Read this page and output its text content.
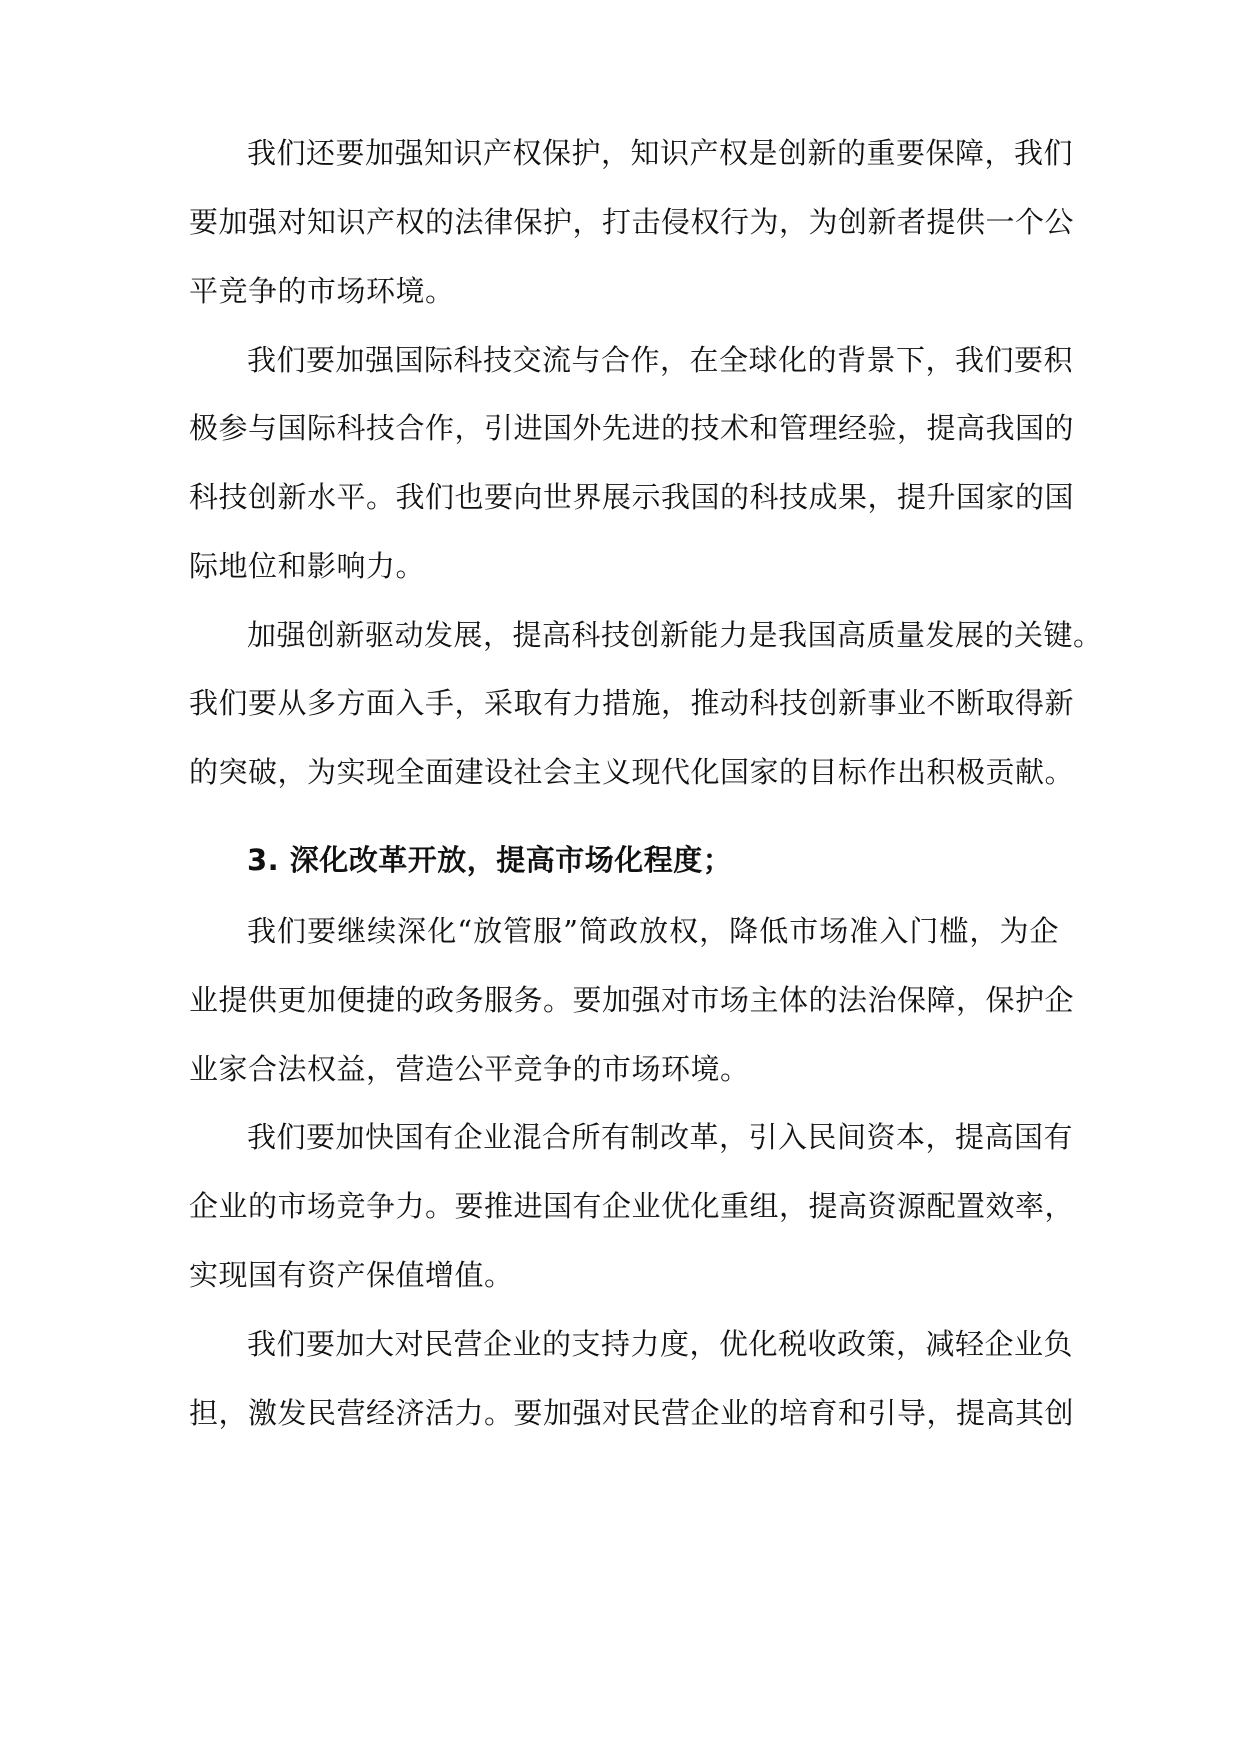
我们还要加强知识产权保护，知识产权是创新的重要保障，我们

要加强对知识产权的法律保护，打击侵权行为，为创新者提供一个公

平竞争的市场环境。

我们要加强国际科技交流与合作，在全球化的背景下，我们要积

极参与国际科技合作，引进国外先进的技术和管理经验，提高我国的

科技创新水平。我们也要向世界展示我国的科技成果，提升国家的国

际地位和影响力。

加强创新驱动发展，提高科技创新能力是我国高质量发展的关键。

我们要从多方面入手，采取有力措施，推动科技创新事业不断取得新

的突破，为实现全面建设社会主义现代化国家的目标作出积极贡献。

3. 深化改革开放，提高市场化程度；

我们要继续深化“放管服”简政放权，降低市场准入门槛，为企

业提供更加便捷的政务服务。要加强对市场主体的法治保障，保护企

业家合法权益，营造公平竞争的市场环境。

我们要加快国有企业混合所有制改革，引入民间资本，提高国有

企业的市场竞争力。要推进国有企业优化重组，提高资源配置效率，

实现国有资产保值增值。

我们要加大对民营企业的支持力度，优化税收政策，减轻企业负

担，激发民营经济活力。要加强对民营企业的培育和引导，提高其创
